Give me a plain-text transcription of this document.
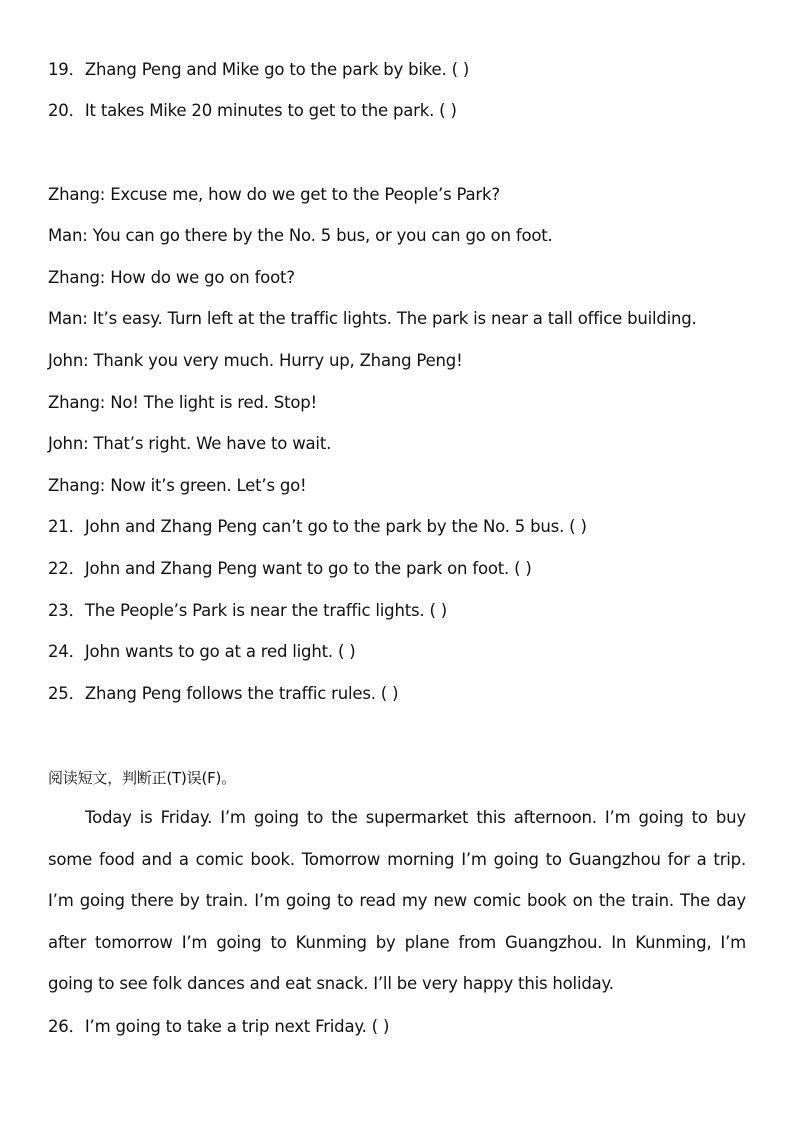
19．Zhang Peng and Mike go to the park by bike. ( )
20．It takes Mike 20 minutes to get to the park. ( )
Zhang: Excuse me, how do we get to the People’s Park?
Man: You can go there by the No. 5 bus, or you can go on foot.
Zhang: How do we go on foot?
Man: It’s easy. Turn left at the traffic lights. The park is near a tall office building.
John: Thank you very much. Hurry up, Zhang Peng!
Zhang: No! The light is red. Stop!
John: That’s right. We have to wait.
Zhang: Now it’s green. Let’s go!
21．John and Zhang Peng can’t go to the park by the No. 5 bus. ( )
22．John and Zhang Peng want to go to the park on foot. ( )
23．The People’s Park is near the traffic lights. ( )
24．John wants to go at a red light. ( )
25．Zhang Peng follows the traffic rules. ( )
阅读短文，判断正(T)误(F)。
Today is Friday. I’m going to the supermarket this afternoon. I’m going to buy some food and a comic book. Tomorrow morning I’m going to Guangzhou for a trip. I’m going there by train. I’m going to read my new comic book on the train. The day after tomorrow I’m going to Kunming by plane from Guangzhou. In Kunming, I’m going to see folk dances and eat snack. I’ll be very happy this holiday.
26．I’m going to take a trip next Friday. ( )
